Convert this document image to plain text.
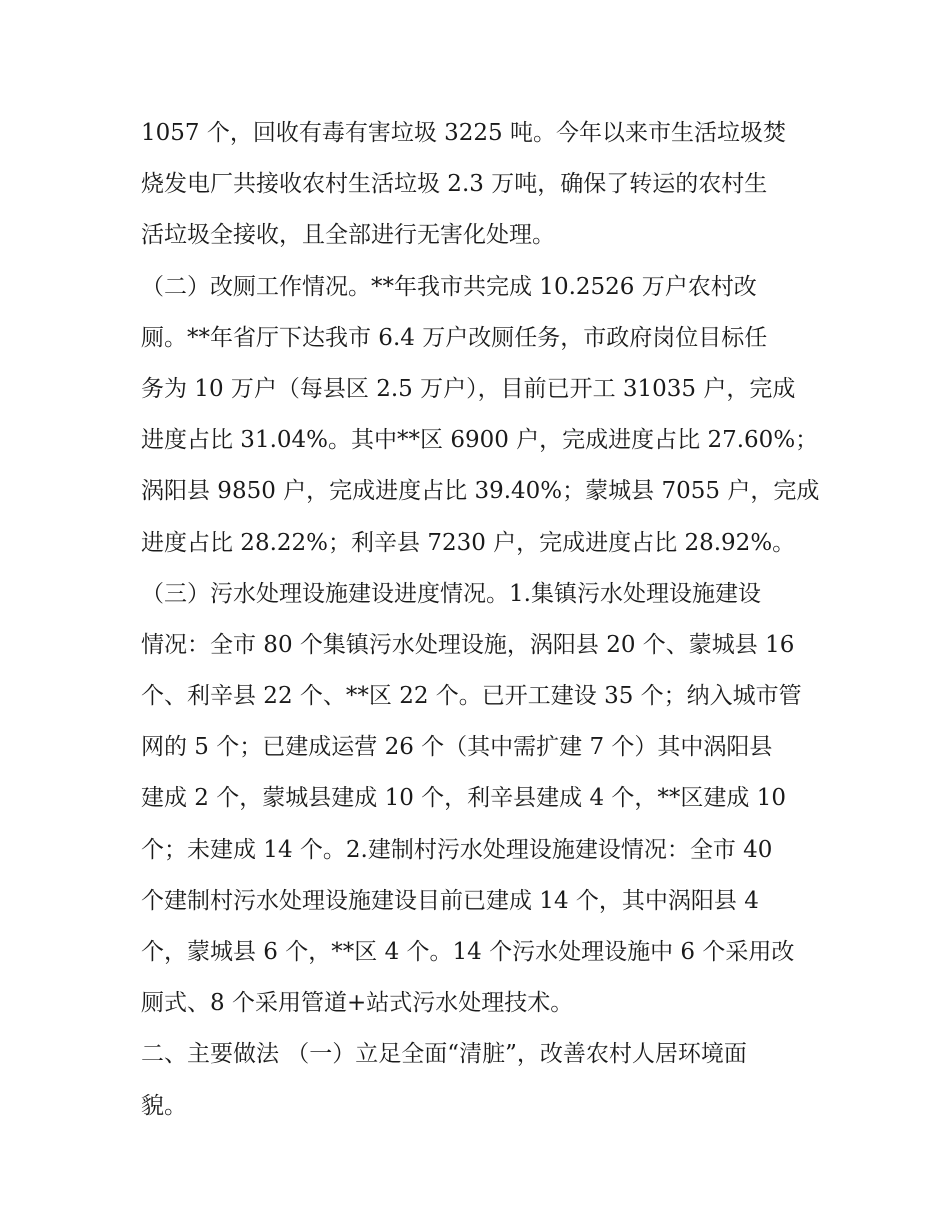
1057 个，回收有毒有害垃圾 3225 吨。今年以来市生活垃圾焚
烧发电厂共接收农村生活垃圾 2.3 万吨，确保了转运的农村生
活垃圾全接收，且全部进行无害化处理。
（二）改厕工作情况。**年我市共完成 10.2526 万户农村改
厕。**年省厅下达我市 6.4 万户改厕任务，市政府岗位目标任
务为 10 万户（每县区 2.5 万户），目前已开工 31035 户，完成
进度占比 31.04%。其中**区 6900 户，完成进度占比 27.60%；
涡阳县 9850 户，完成进度占比 39.40%；蒙城县 7055 户，完成
进度占比 28.22%；利辛县 7230 户，完成进度占比 28.92%。
（三）污水处理设施建设进度情况。1.集镇污水处理设施建设
情况：全市 80 个集镇污水处理设施，涡阳县 20 个、蒙城县 16
个、利辛县 22 个、**区 22 个。已开工建设 35 个；纳入城市管
网的 5 个；已建成运营 26 个（其中需扩建 7 个）其中涡阳县
建成 2 个，蒙城县建成 10 个，利辛县建成 4 个，**区建成 10
个；未建成 14 个。2.建制村污水处理设施建设情况：全市 40
个建制村污水处理设施建设目前已建成 14 个，其中涡阳县 4
个，蒙城县 6 个，**区 4 个。14 个污水处理设施中 6 个采用改
厕式、8 个采用管道+站式污水处理技术。
二、主要做法 （一）立足全面“清脏”，改善农村人居环境面
貌。
